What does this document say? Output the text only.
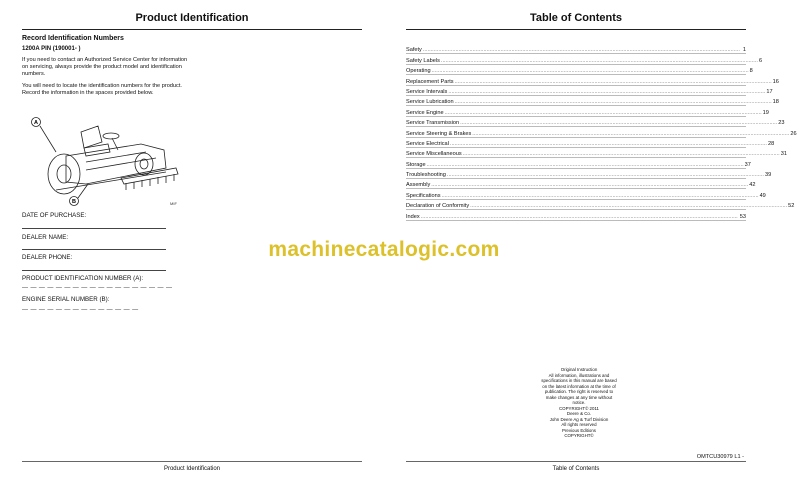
Product Identification
Record Identification Numbers
1200A PIN (190001- )
If you need to contact an Authorized Service Center for information on servicing, always provide the product model and identification numbers.
You will need to locate the identification numbers for the product. Record the information in the spaces provided below.
A
B	MIF
DATE OF PURCHASE:
DEALER NAME:
DEALER PHONE:
PRODUCT IDENTIFICATION NUMBER (A):
— — — — — — — — — — — — — — — — — —
ENGINE SERIAL NUMBER (B):
— — — — — — — — — — — — — —
Product Identification
Table of Contents
Safety ............................................................................................................................................................................................................ 1
Safety Labels ............................................................................................................................................................................................................ 6
Operating ............................................................................................................................................................................................................ 8
Replacement Parts ............................................................................................................................................................................................................ 16
Service Intervals ............................................................................................................................................................................................................ 17
Service Lubrication ............................................................................................................................................................................................................ 18
Service Engine ............................................................................................................................................................................................................ 19
Service Transmission ............................................................................................................................................................................................................ 23
Service Steering & Brakes ............................................................................................................................................................................................................ 26
Service Electrical ............................................................................................................................................................................................................ 28
Service Miscellaneous ............................................................................................................................................................................................................ 31
Storage ............................................................................................................................................................................................................ 37
Troubleshooting ............................................................................................................................................................................................................ 39
Assembly ............................................................................................................................................................................................................ 42
Specifications ............................................................................................................................................................................................................ 49
Declaration of Conformity ............................................................................................................................................................................................................ 52
Index ............................................................................................................................................................................................................ 53
Original Instruction
All information, illustrations and
specifications in this manual are based
on the latest information at the time of
publication. The right is reserved to
make changes at any time without
notice.
COPYRIGHT© 2011
Deere & Co.
John Deere Ag & Turf Division
All rights reserved
Previous Editions
COPYRIGHT©
OMTCU30979 L1 -
Table of Contents
machinecatalogic.com
